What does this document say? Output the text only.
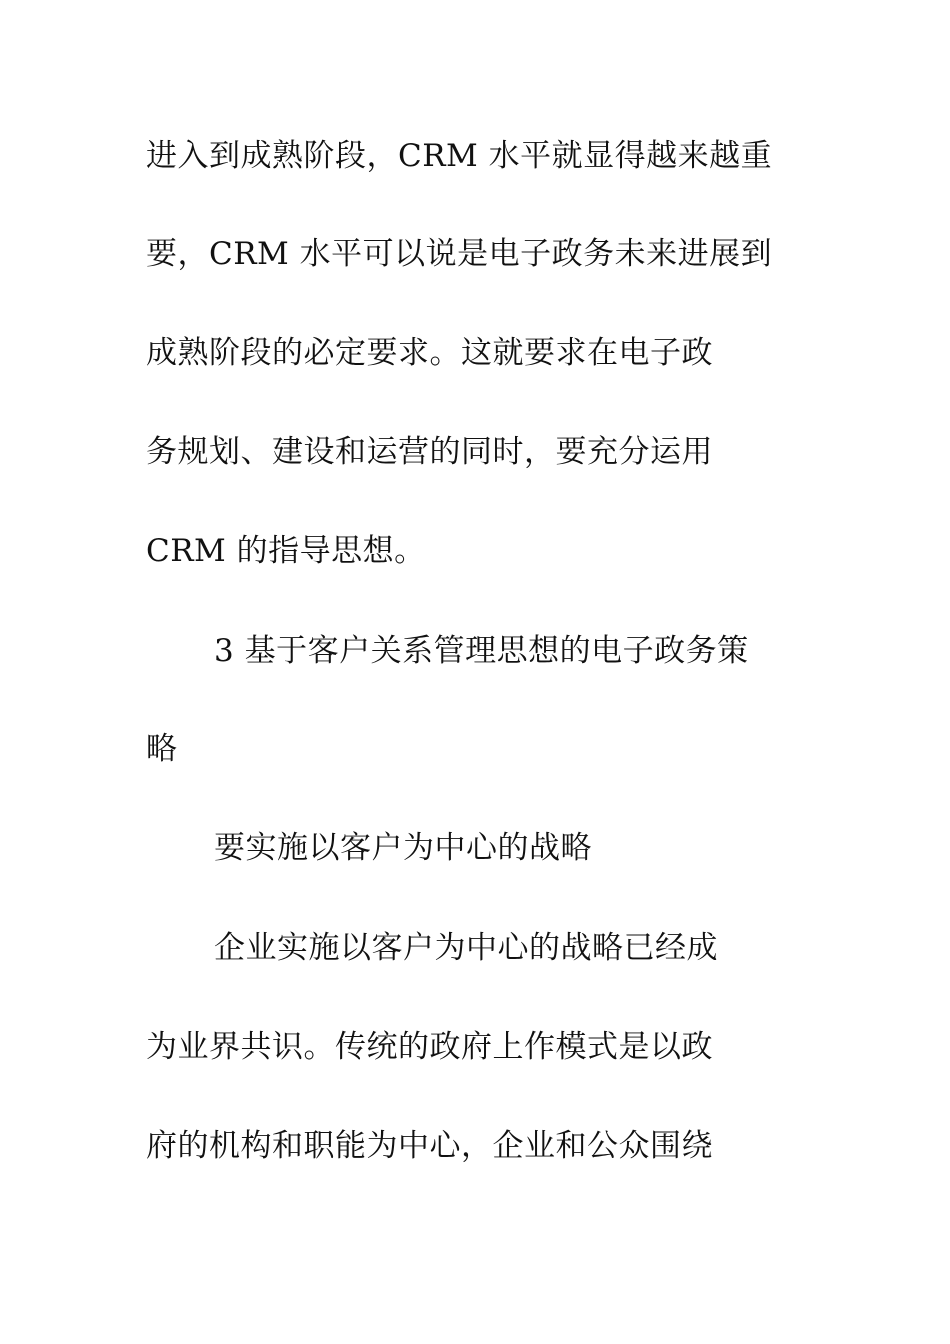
进入到成熟阶段，CRM 水平就显得越来越重

要，CRM 水平可以说是电子政务未来进展到

成熟阶段的必定要求。这就要求在电子政

务规划、建设和运营的同时，要充分运用

CRM 的指导思想。

3 基于客户关系管理思想的电子政务策

略

要实施以客户为中心的战略

企业实施以客户为中心的战略已经成

为业界共识。传统的政府上作模式是以政

府的机构和职能为中心，企业和公众围绕
